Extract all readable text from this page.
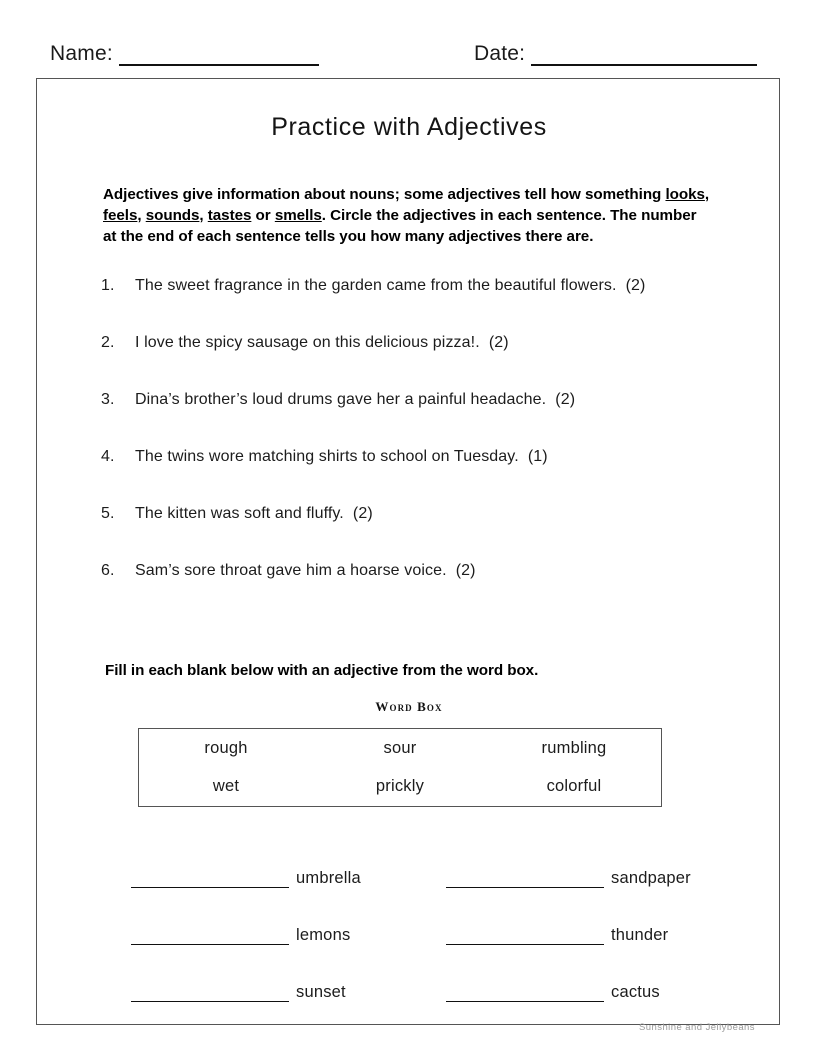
Name:	Date:
Practice with Adjectives
Adjectives give information about nouns; some adjectives tell how something looks, feels, sounds, tastes or smells. Circle the adjectives in each sentence. The number at the end of each sentence tells you how many adjectives there are.
1.	The sweet fragrance in the garden came from the beautiful flowers.  (2)
2.	I love the spicy sausage on this delicious pizza!.  (2)
3.	Dina’s brother’s loud drums gave her a painful headache.  (2)
4.	The twins wore matching shirts to school on Tuesday.  (1)
5.	The kitten was soft and fluffy.  (2)
6.	Sam’s sore throat gave him a hoarse voice.  (2)
Fill in each blank below with an adjective from the word box.
Word Box
rough	sour	rumbling
wet	prickly	colorful
umbrella	sandpaper
lemons	thunder
sunset	cactus
Sunshine and Jellybeans
